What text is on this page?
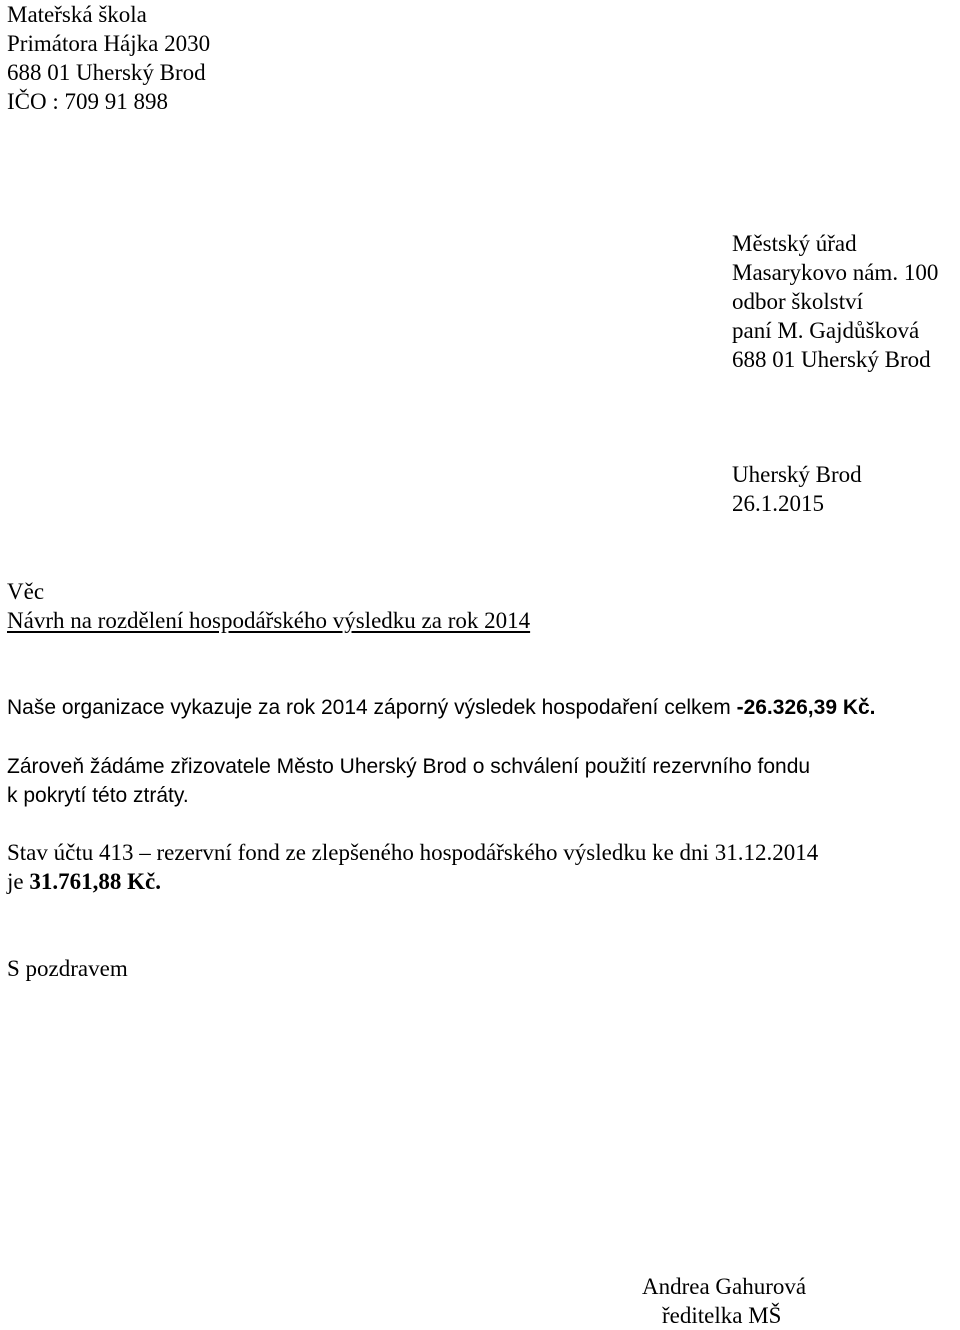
Mateřská škola
Primátora Hájka 2030
688 01 Uherský Brod
IČO : 709 91 898
Městský úřad
Masarykovo nám. 100
odbor školství
paní M. Gajdůšková
688 01 Uherský Brod
Uherský Brod
26.1.2015
Věc
Návrh na rozdělení hospodářského výsledku za rok 2014
Naše organizace vykazuje za rok 2014 záporný výsledek hospodaření celkem -26.326,39 Kč.
Zároveň žádáme zřizovatele Město Uherský Brod o schválení použití rezervního fondu
k pokrytí této ztráty.
Stav účtu 413 – rezervní fond ze zlepšeného hospodářského výsledku ke dni 31.12.2014
je 31.761,88 Kč.
S pozdravem
Andrea Gahurová
ředitelka MŠ
